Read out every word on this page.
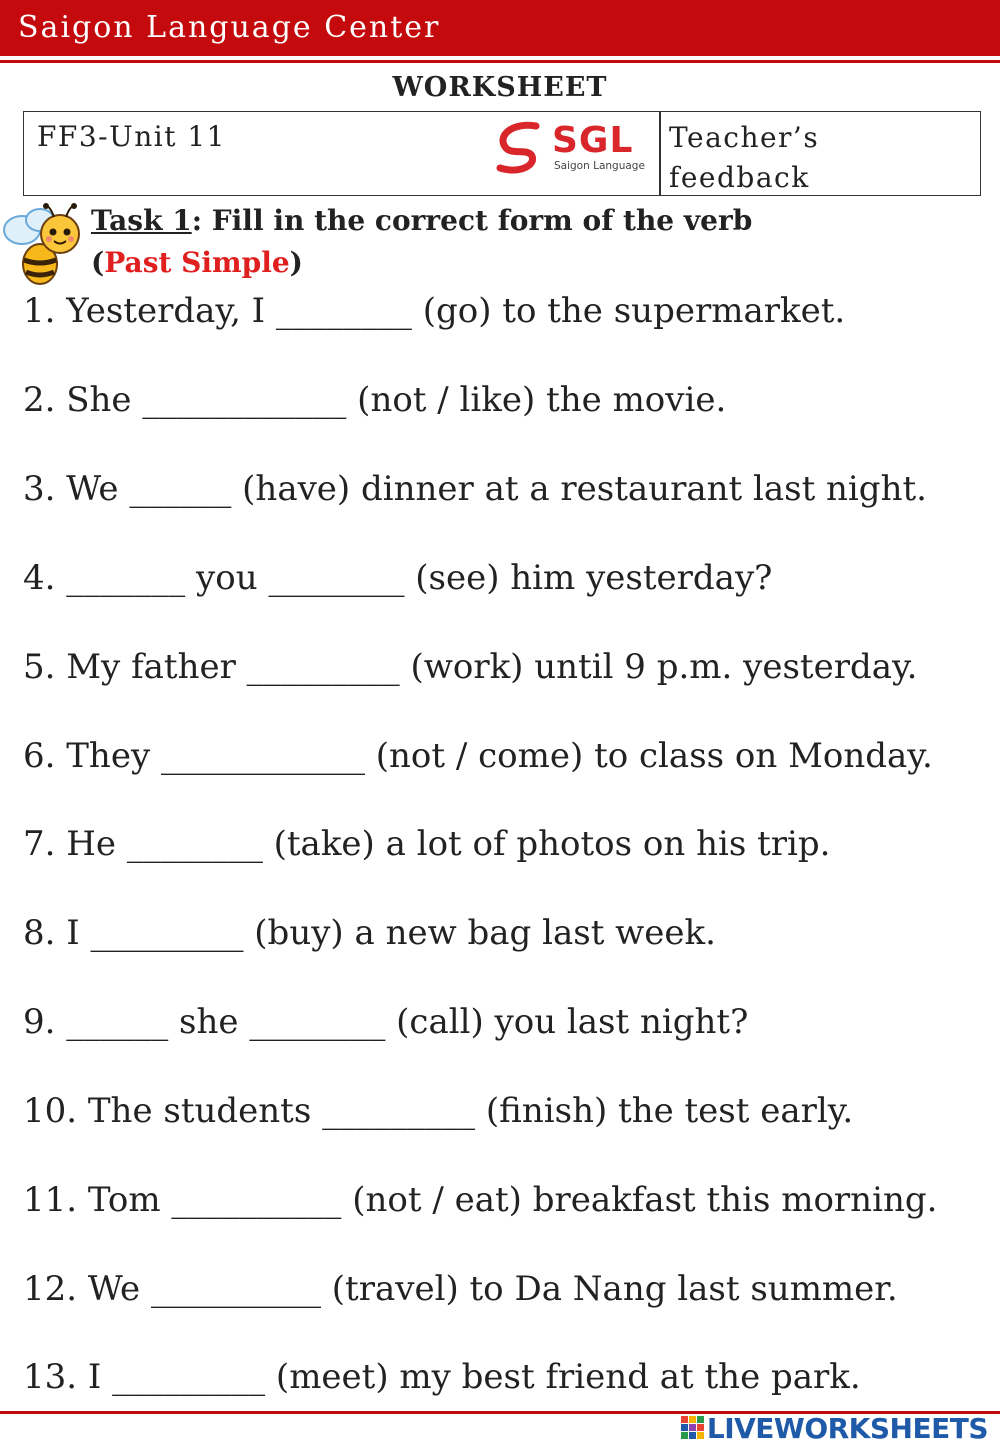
Saigon Language Center
WORKSHEET
FF3-Unit 11	SGL
Saigon Language
Teacher’s
feedback
Task 1: Fill in the correct form of the verb
(Past Simple)
1. Yesterday, I ________ (go) to the supermarket.
2. She ____________ (not / like) the movie.
3. We ______ (have) dinner at a restaurant last night.
4. _______ you ________ (see) him yesterday?
5. My father _________ (work) until 9 p.m. yesterday.
6. They ____________ (not / come) to class on Monday.
7. He ________ (take) a lot of photos on his trip.
8. I _________ (buy) a new bag last week.
9. ______ she ________ (call) you last night?
10. The students _________ (finish) the test early.
11. Tom __________ (not / eat) breakfast this morning.
12. We __________ (travel) to Da Nang last summer.
13. I _________ (meet) my best friend at the park.
LIVEWORKSHEETS
